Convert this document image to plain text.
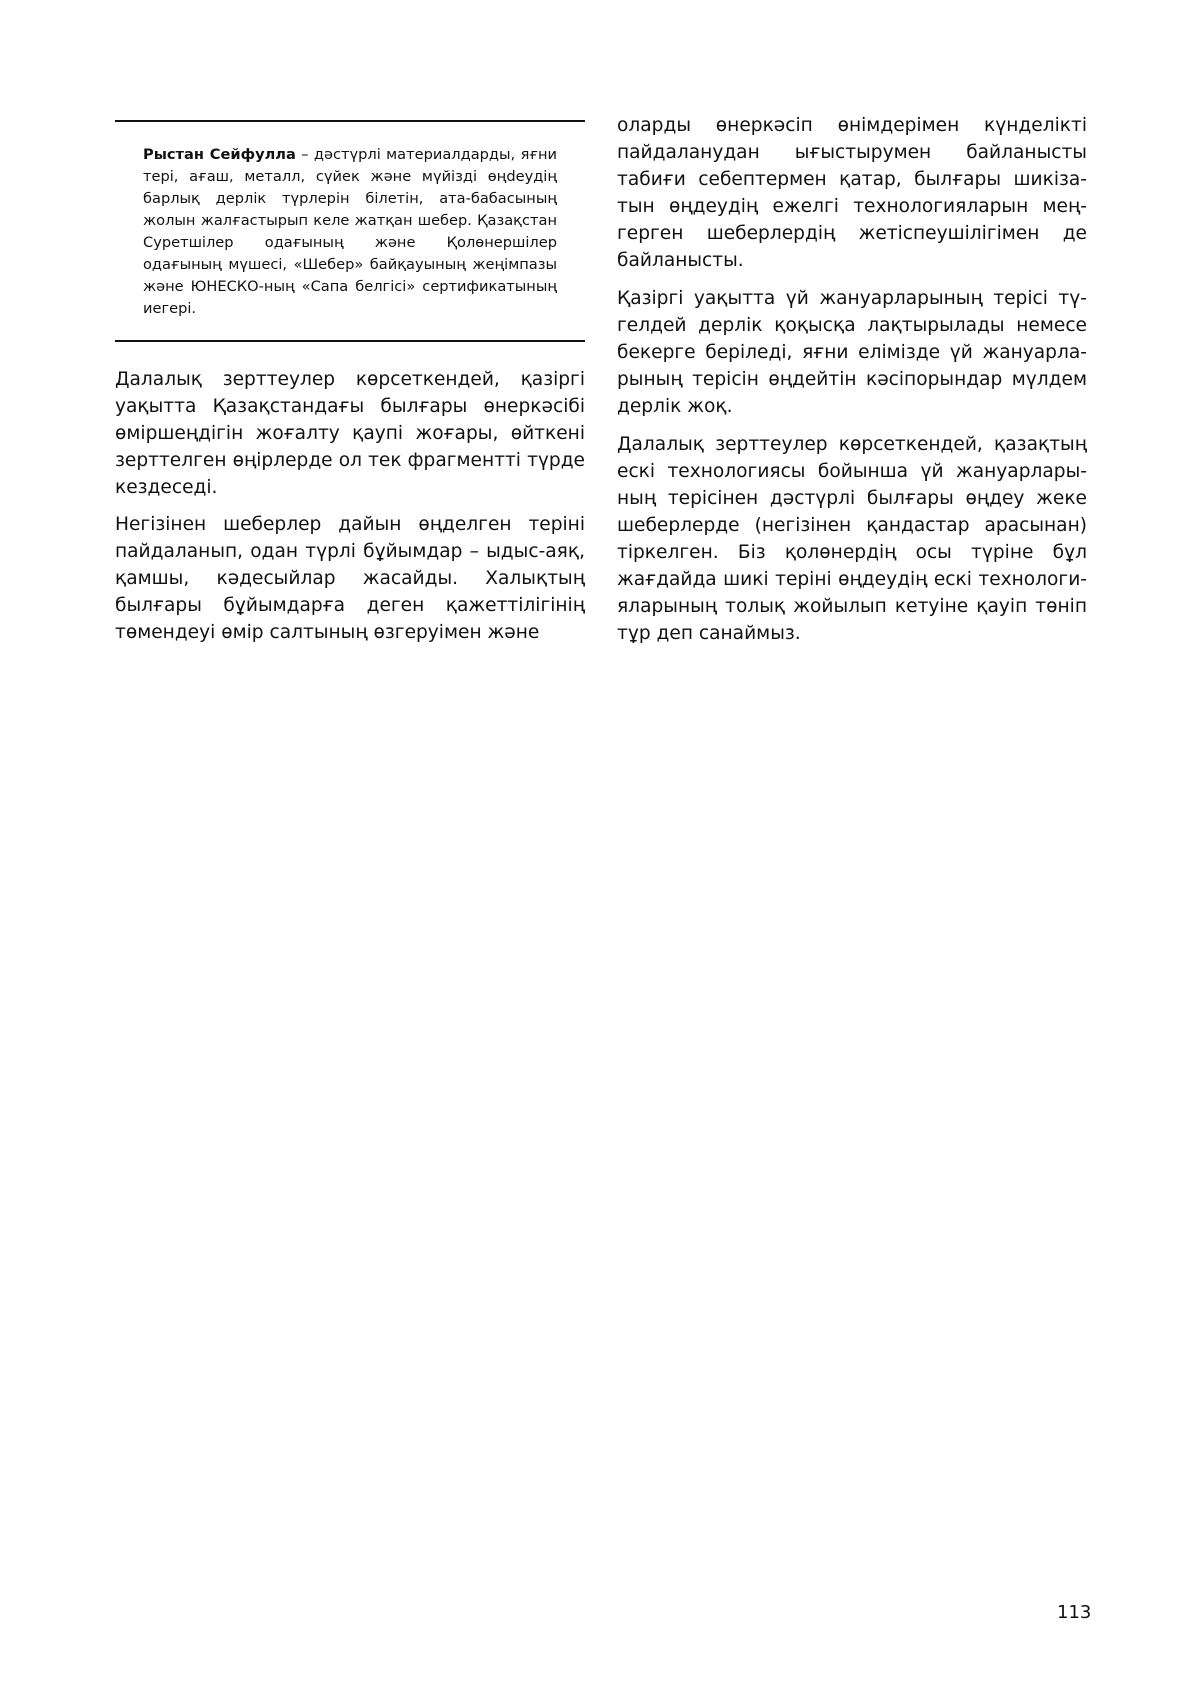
Рыстан Сейфулла – дәстүрлі материалдарды, яғни тері, ағаш, металл, сүйек және мүйізді өңdеудің барлық дерлік түрлерін білетін, ата-бабасының жолын жалғастырып келе жатқан шебер. Қазақстан Суретшілер одағының және Қолөнершілер одағының мүшесі, «Шебер» байқауының жеңімпазы және ЮНЕСКО-ның «Сапа белгісі» сертификатының иегері.

Далалық зерттеулер көрсеткендей, қазіргі уақытта Қазақстандағы былғары өнеркәсібі өміршеңдігін жоғалту қаупі жоғары, өйткені зерттелген өңірлерде ол тек фрагментті түрде кездеседі.

Негізінен шеберлер дайын өңделген теріні пайдаланып, одан түрлі бұйымдар – ыдыс-аяқ, қамшы, кәдесыйлар жасайды. Халықтың былғары бұйымдарға деген қажеттілігінің төмендеуі өмір салтының өзгеруімен және

оларды өнеркәсіп өнімдерімен күнделікті пайдаланудан ығыстырумен байланысты табиғи себептермен қатар, былғары шикізатын өңдеудің ежелгі технологияларын меңгерген шеберлердің жетіспеушілігімен де байланысты.

Қазіргі уақытта үй жануарларының терісі түгелдей дерлік қоқысқа лақтырылады немесе бекерге беріледі, яғни елімізде үй жануарларының терісін өңдейтін кәсіпорындар мүлдем дерлік жоқ.

Далалық зерттеулер көрсеткендей, қазақтың ескі технологиясы бойынша үй жануарларының терісінен дәстүрлі былғары өңдеу жеке шеберлерде (негізінен қандастар арасынан) тіркелген. Біз қолөнердің осы түріне бұл жағдайда шикі теріні өңдеудің ескі технологияларының толық жойылып кетуіне қауіп төніп тұр деп санаймыз.

113
